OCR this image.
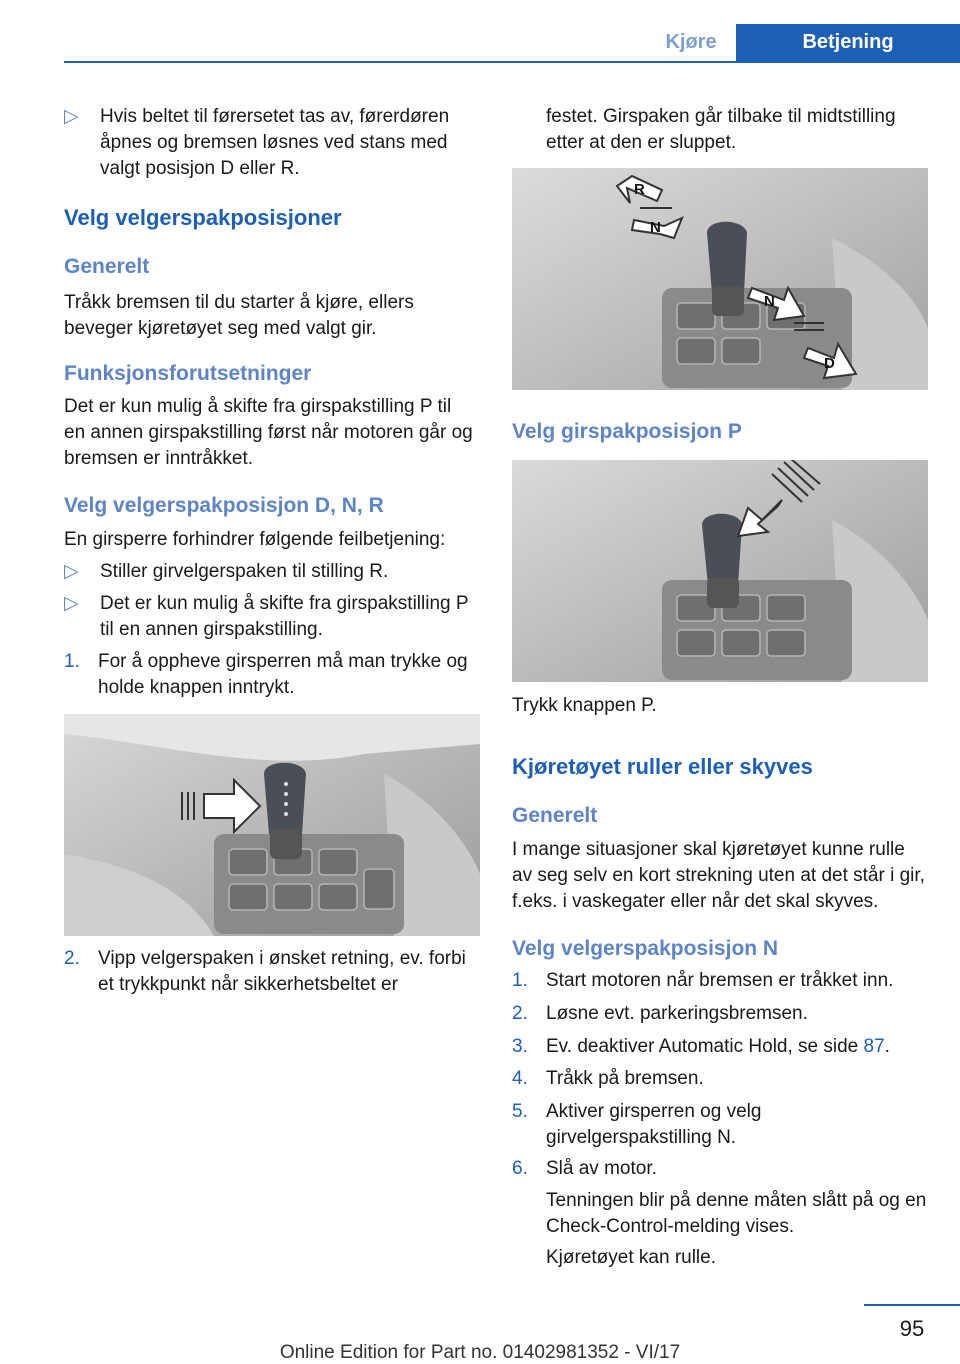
Kjøre	Betjening
▷	Hvis beltet til førersetet tas av, førerdøren åpnes og bremsen løsnes ved stans med valgt posisjon D eller R.
Velg velgerspakposisjoner
Generelt

Tråkk bremsen til du starter å kjøre, ellers beveger kjøretøyet seg med valgt gir.

Funksjonsforutsetninger

Det er kun mulig å skifte fra girspakstilling P til en annen girspakstilling først når motoren går og bremsen er inntråkket.

Velg velgerspakposisjon D, N, R

En girsperre forhindrer følgende feilbetjening:

▷	Stiller girvelgerspaken til stilling R.
▷	Det er kun mulig å skifte fra girspakstilling P til en annen girspakstilling.
1. For å oppheve girsperren må man trykke og holde knappen inntrykt.
2. Vipp velgerspaken i ønsket retning, ev. forbi et trykkpunkt når sikkerhetsbeltet er

festet. Girspaken går tilbake til midtstilling etter at den er sluppet.

R
N
N
D
Velg girspakposisjon P

Trykk knappen P.

Kjøretøyet ruller eller skyves
Generelt

I mange situasjoner skal kjøretøyet kunne rulle av seg selv en kort strekning uten at det står i gir, f.eks. i vaskegater eller når det skal skyves.

Velg velgerspakposisjon N
1. Start motoren når bremsen er tråkket inn.
2. Løsne evt. parkeringsbremsen.
3. Ev. deaktiver Automatic Hold, se side 87.
4. Tråkk på bremsen.
5. Aktiver girsperren og velg girvelgerspakstilling N.
6. Slå av motor.

Tenningen blir på denne måten slått på og en Check-Control-melding vises.

Kjøretøyet kan rulle.

95
Online Edition for Part no. 01402981352 - VI/17
